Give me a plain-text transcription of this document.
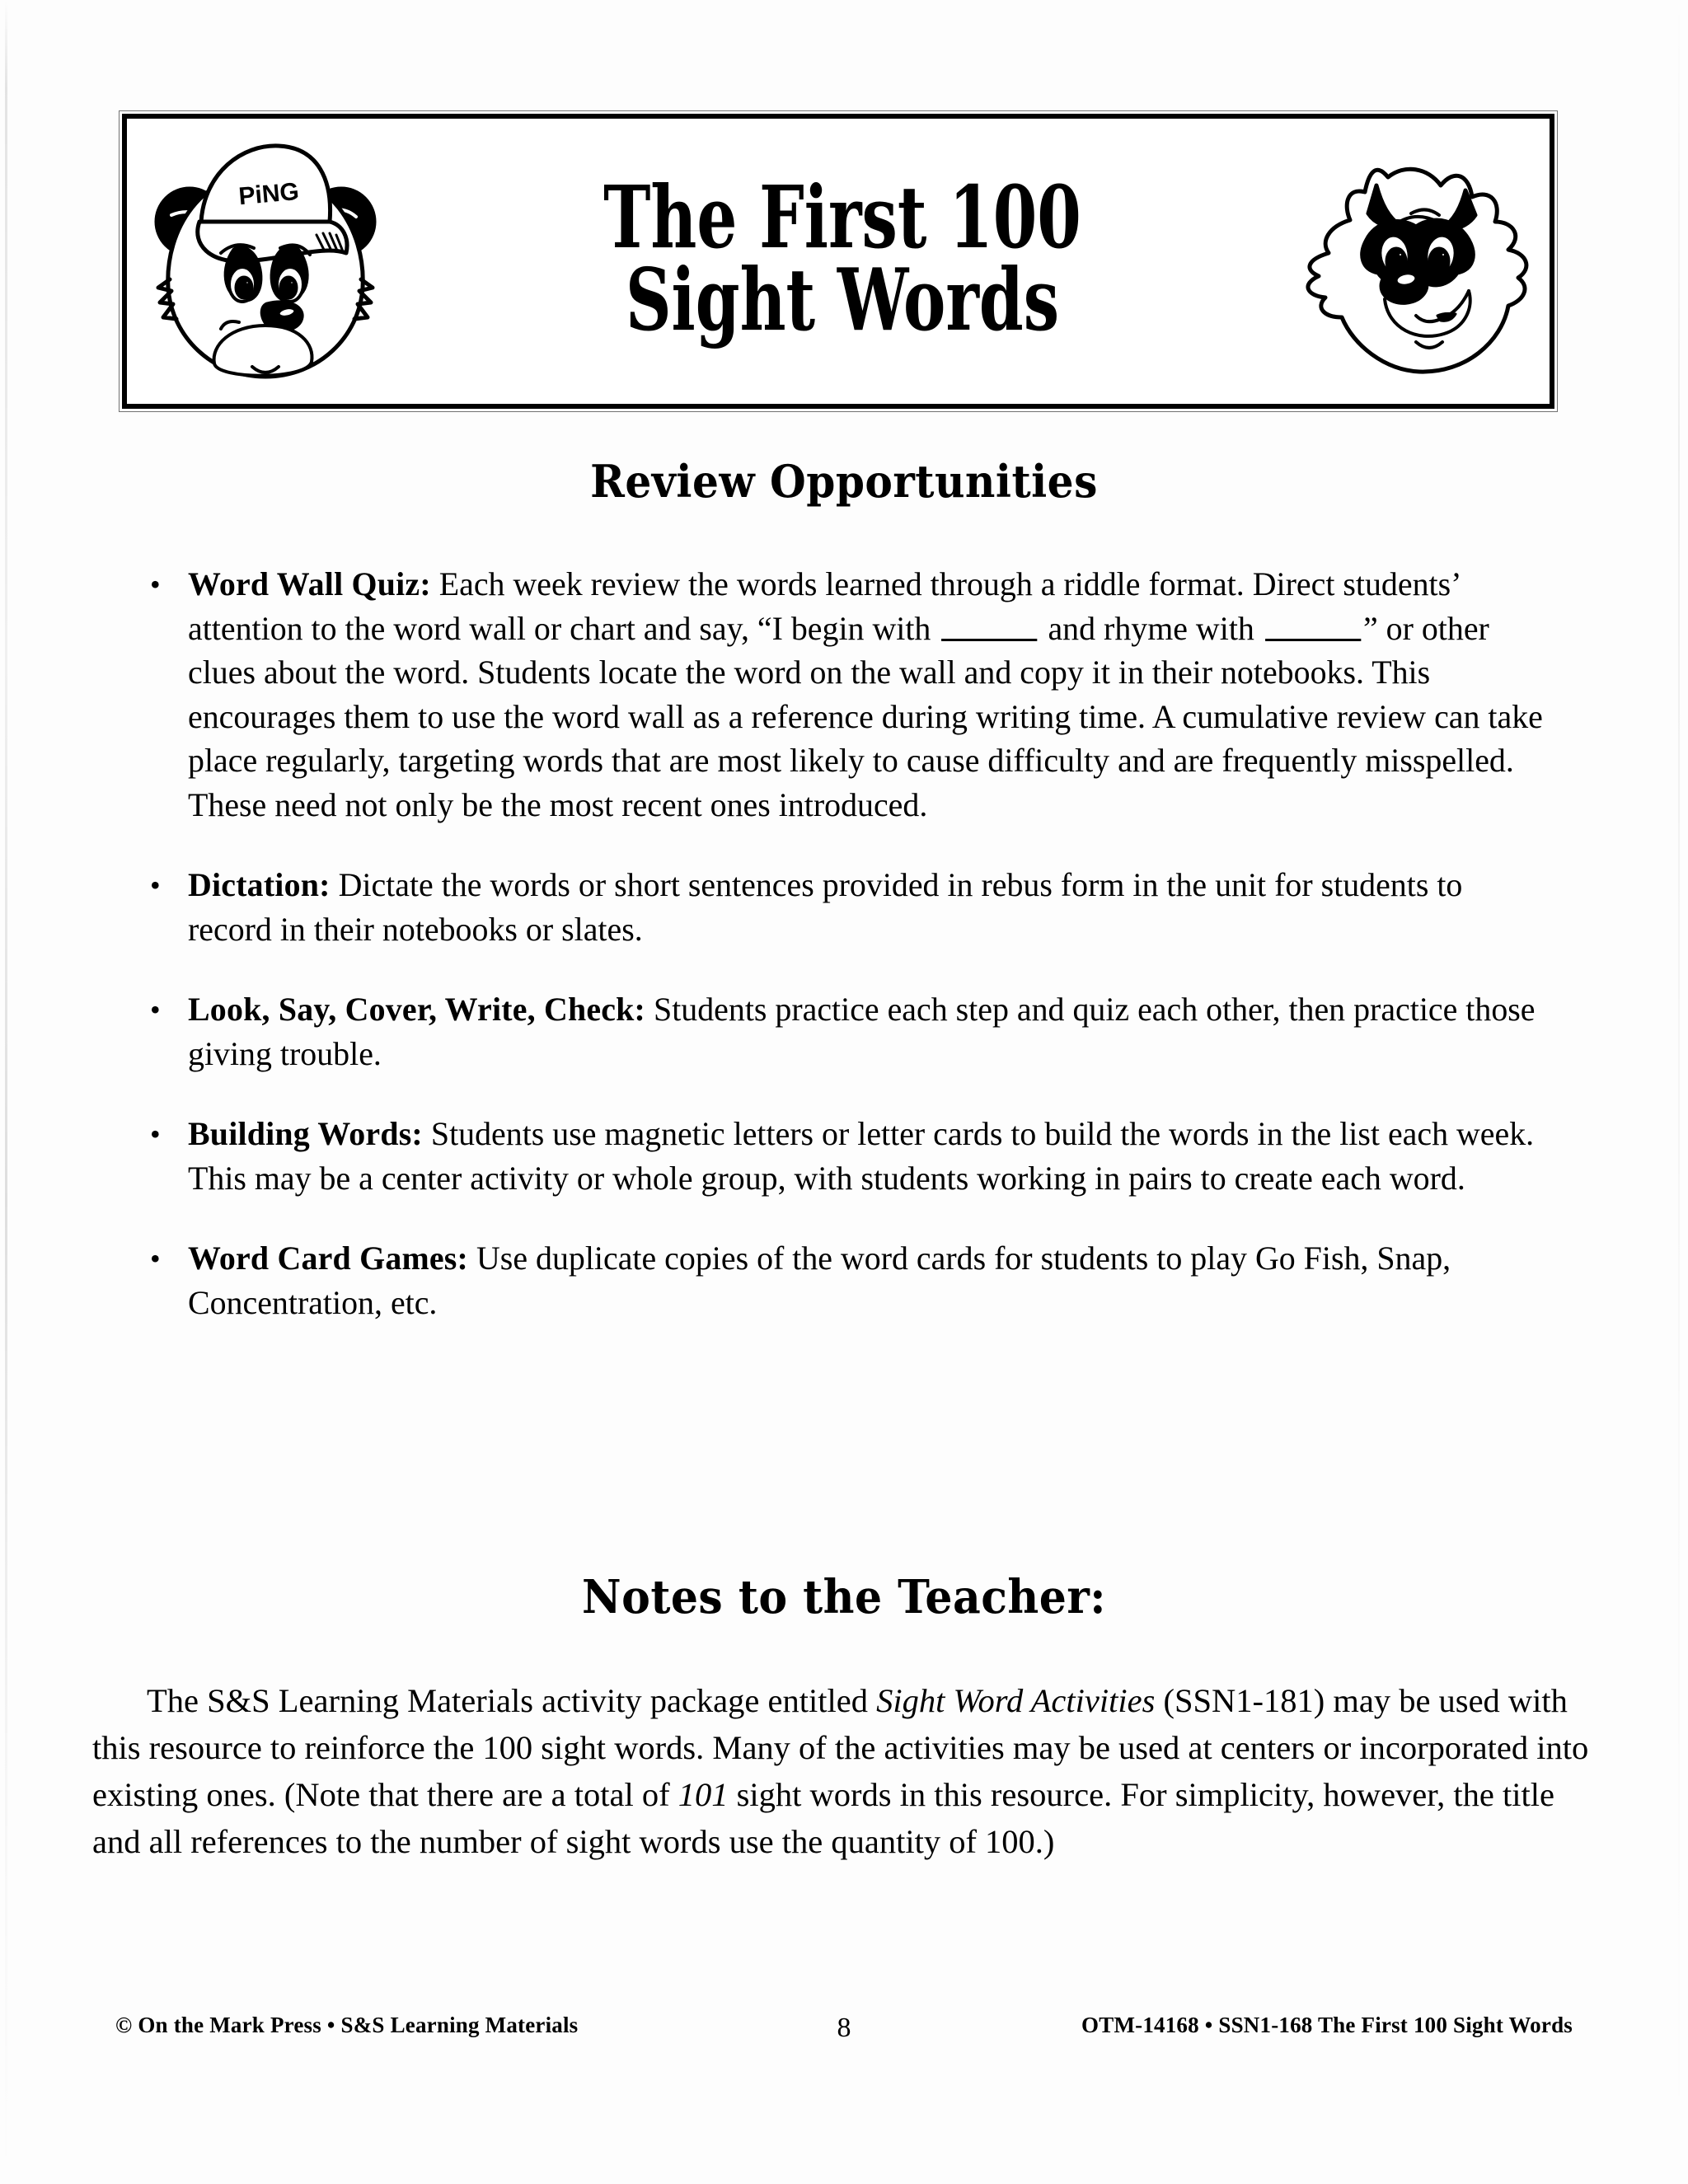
PiNG	The First 100
Sight Words
Review Opportunities
• Word Wall Quiz: Each week review the words learned through a riddle format. Direct students’ attention to the word wall or chart and say, “I begin with	and rhyme with	” or other clues about the word. Students locate the word on the wall and copy it in their notebooks. This encourages them to use the word wall as a reference during writing time. A cumulative review can take place regularly, targeting words that are most likely to cause difficulty and are frequently misspelled. These need not only be the most recent ones introduced.
• Dictation: Dictate the words or short sentences provided in rebus form in the unit for students to record in their notebooks or slates.
• Look, Say, Cover, Write, Check: Students practice each step and quiz each other, then practice those giving trouble.
• Building Words: Students use magnetic letters or letter cards to build the words in the list each week. This may be a center activity or whole group, with students working in pairs to create each word.
• Word Card Games: Use duplicate copies of the word cards for students to play Go Fish, Snap, Concentration, etc.
Notes to the Teacher:
The S&S Learning Materials activity package entitled Sight Word Activities (SSN1-181) may be used with this resource to reinforce the 100 sight words. Many of the activities may be used at centers or incorporated into existing ones. (Note that there are a total of 101 sight words in this resource. For simplicity, however, the title and all references to the number of sight words use the quantity of 100.)
© On the Mark Press • S&S Learning Materials	8	OTM-14168 • SSN1-168 The First 100 Sight Words
